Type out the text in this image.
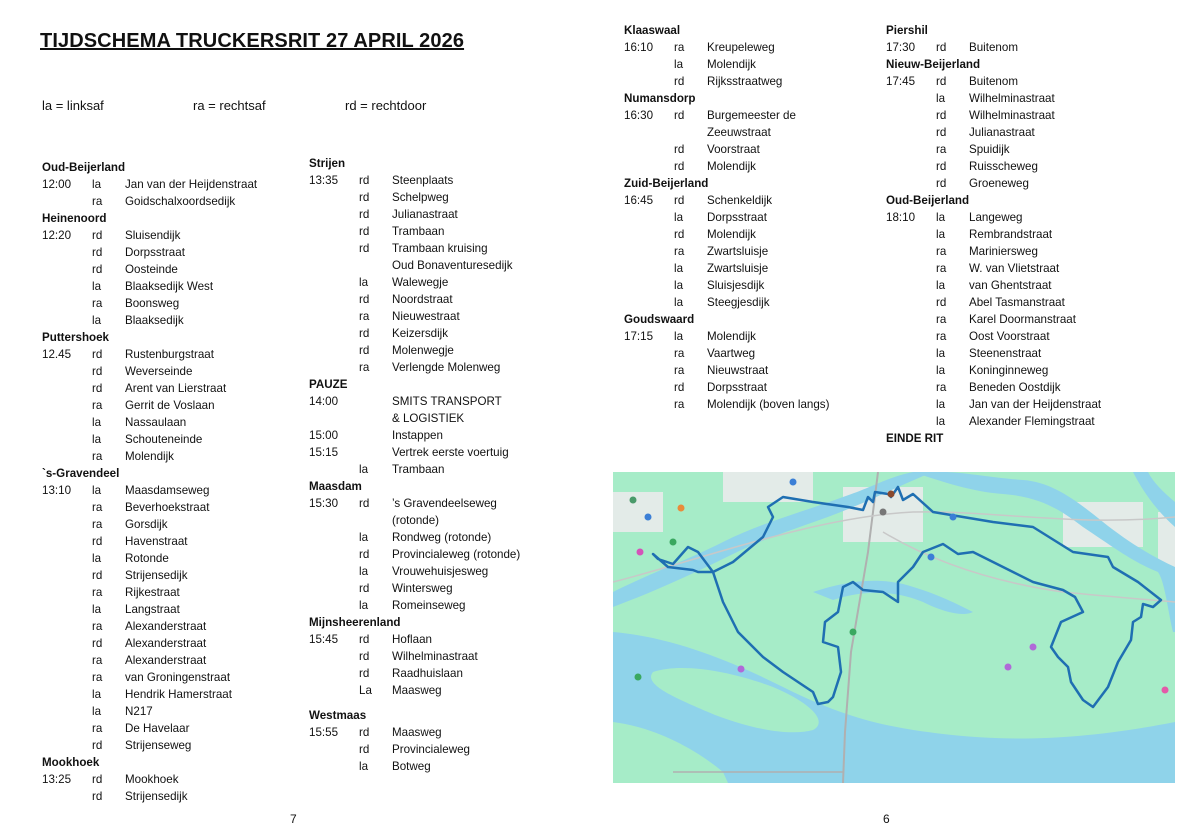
TIJDSCHEMA TRUCKERSRIT 27 APRIL 2026
la = linksaf	ra = rechtsaf	rd = rechtdoor
Oud-Beijerland
12:00	la	Jan van der Heijdenstraat
ra	Goidschalxoordsedijk
Heinenoord
12:20	rd	Sluisendijk
rd	Dorpsstraat
rd	Oosteinde
la	Blaaksedijk West
ra	Boonsweg
la	Blaaksedijk
Puttershoek
12.45	rd	Rustenburgstraat
rd	Weverseinde
rd	Arent van Lierstraat
ra	Gerrit de Voslaan
la	Nassaulaan
la	Schouteneinde
ra	Molendijk
`s-Gravendeel
13:10	la	Maasdamseweg
ra	Beverhoekstraat
ra	Gorsdijk
rd	Havenstraat
la	Rotonde
rd	Strijensedijk
ra	Rijkestraat
la	Langstraat
ra	Alexanderstraat
rd	Alexanderstraat
ra	Alexanderstraat
ra	van Groningenstraat
la	Hendrik Hamerstraat
la	N217
ra	De Havelaar
rd	Strijenseweg
Mookhoek
13:25	rd	Mookhoek
rd	Strijensedijk
Strijen
13:35	rd	Steenplaats
rd	Schelpweg
rd	Julianastraat
rd	Trambaan
rd	Trambaan kruising
Oud Bonaventuresedijk
la	Walewegje
rd	Noordstraat
ra	Nieuwestraat
rd	Keizersdijk
rd	Molenwegje
ra	Verlengde Molenweg
PAUZE
14:00	SMITS TRANSPORT
& LOGISTIEK
15:00	Instappen
15:15	Vertrek eerste voertuig
la	Trambaan
Maasdam
15:30	rd	’s Gravendeelseweg
(rotonde)
la	Rondweg (rotonde)
rd	Provincialeweg (rotonde)
la	Vrouwehuisjesweg
rd	Wintersweg
la	Romeinseweg
Mijnsheerenland
15:45	rd	Hoflaan
rd	Wilhelminastraat
rd	Raadhuislaan
La	Maasweg
Westmaas
15:55	rd	Maasweg
rd	Provincialeweg
la	Botweg
Klaaswaal
16:10	ra	Kreupeleweg
la	Molendijk
rd	Rijksstraatweg
Numansdorp
16:30	rd	Burgemeester de
Zeeuwstraat
rd	Voorstraat
rd	Molendijk
Zuid-Beijerland
16:45	rd	Schenkeldijk
la	Dorpsstraat
rd	Molendijk
ra	Zwartsluisje
la	Zwartsluisje
la	Sluisjesdijk
la	Steegjesdijk
Goudswaard
17:15	la	Molendijk
ra	Vaartweg
ra	Nieuwstraat
rd	Dorpsstraat
ra	Molendijk (boven langs)
Piershil
17:30	rd	Buitenom
Nieuw-Beijerland
17:45	rd	Buitenom
la	Wilhelminastraat
rd	Wilhelminastraat
rd	Julianastraat
ra	Spuidijk
rd	Ruisscheweg
rd	Groeneweg
Oud-Beijerland
18:10	la	Langeweg
la	Rembrandstraat
ra	Mariniersweg
ra	W. van Vlietstraat
la	van Ghentstraat
rd	Abel Tasmanstraat
ra	Karel Doormanstraat
ra	Oost Voorstraat
la	Steenenstraat
la	Koninginneweg
ra	Beneden Oostdijk
la	Jan van der Heijdenstraat
la	Alexander Flemingstraat
EINDE RIT
7	6
